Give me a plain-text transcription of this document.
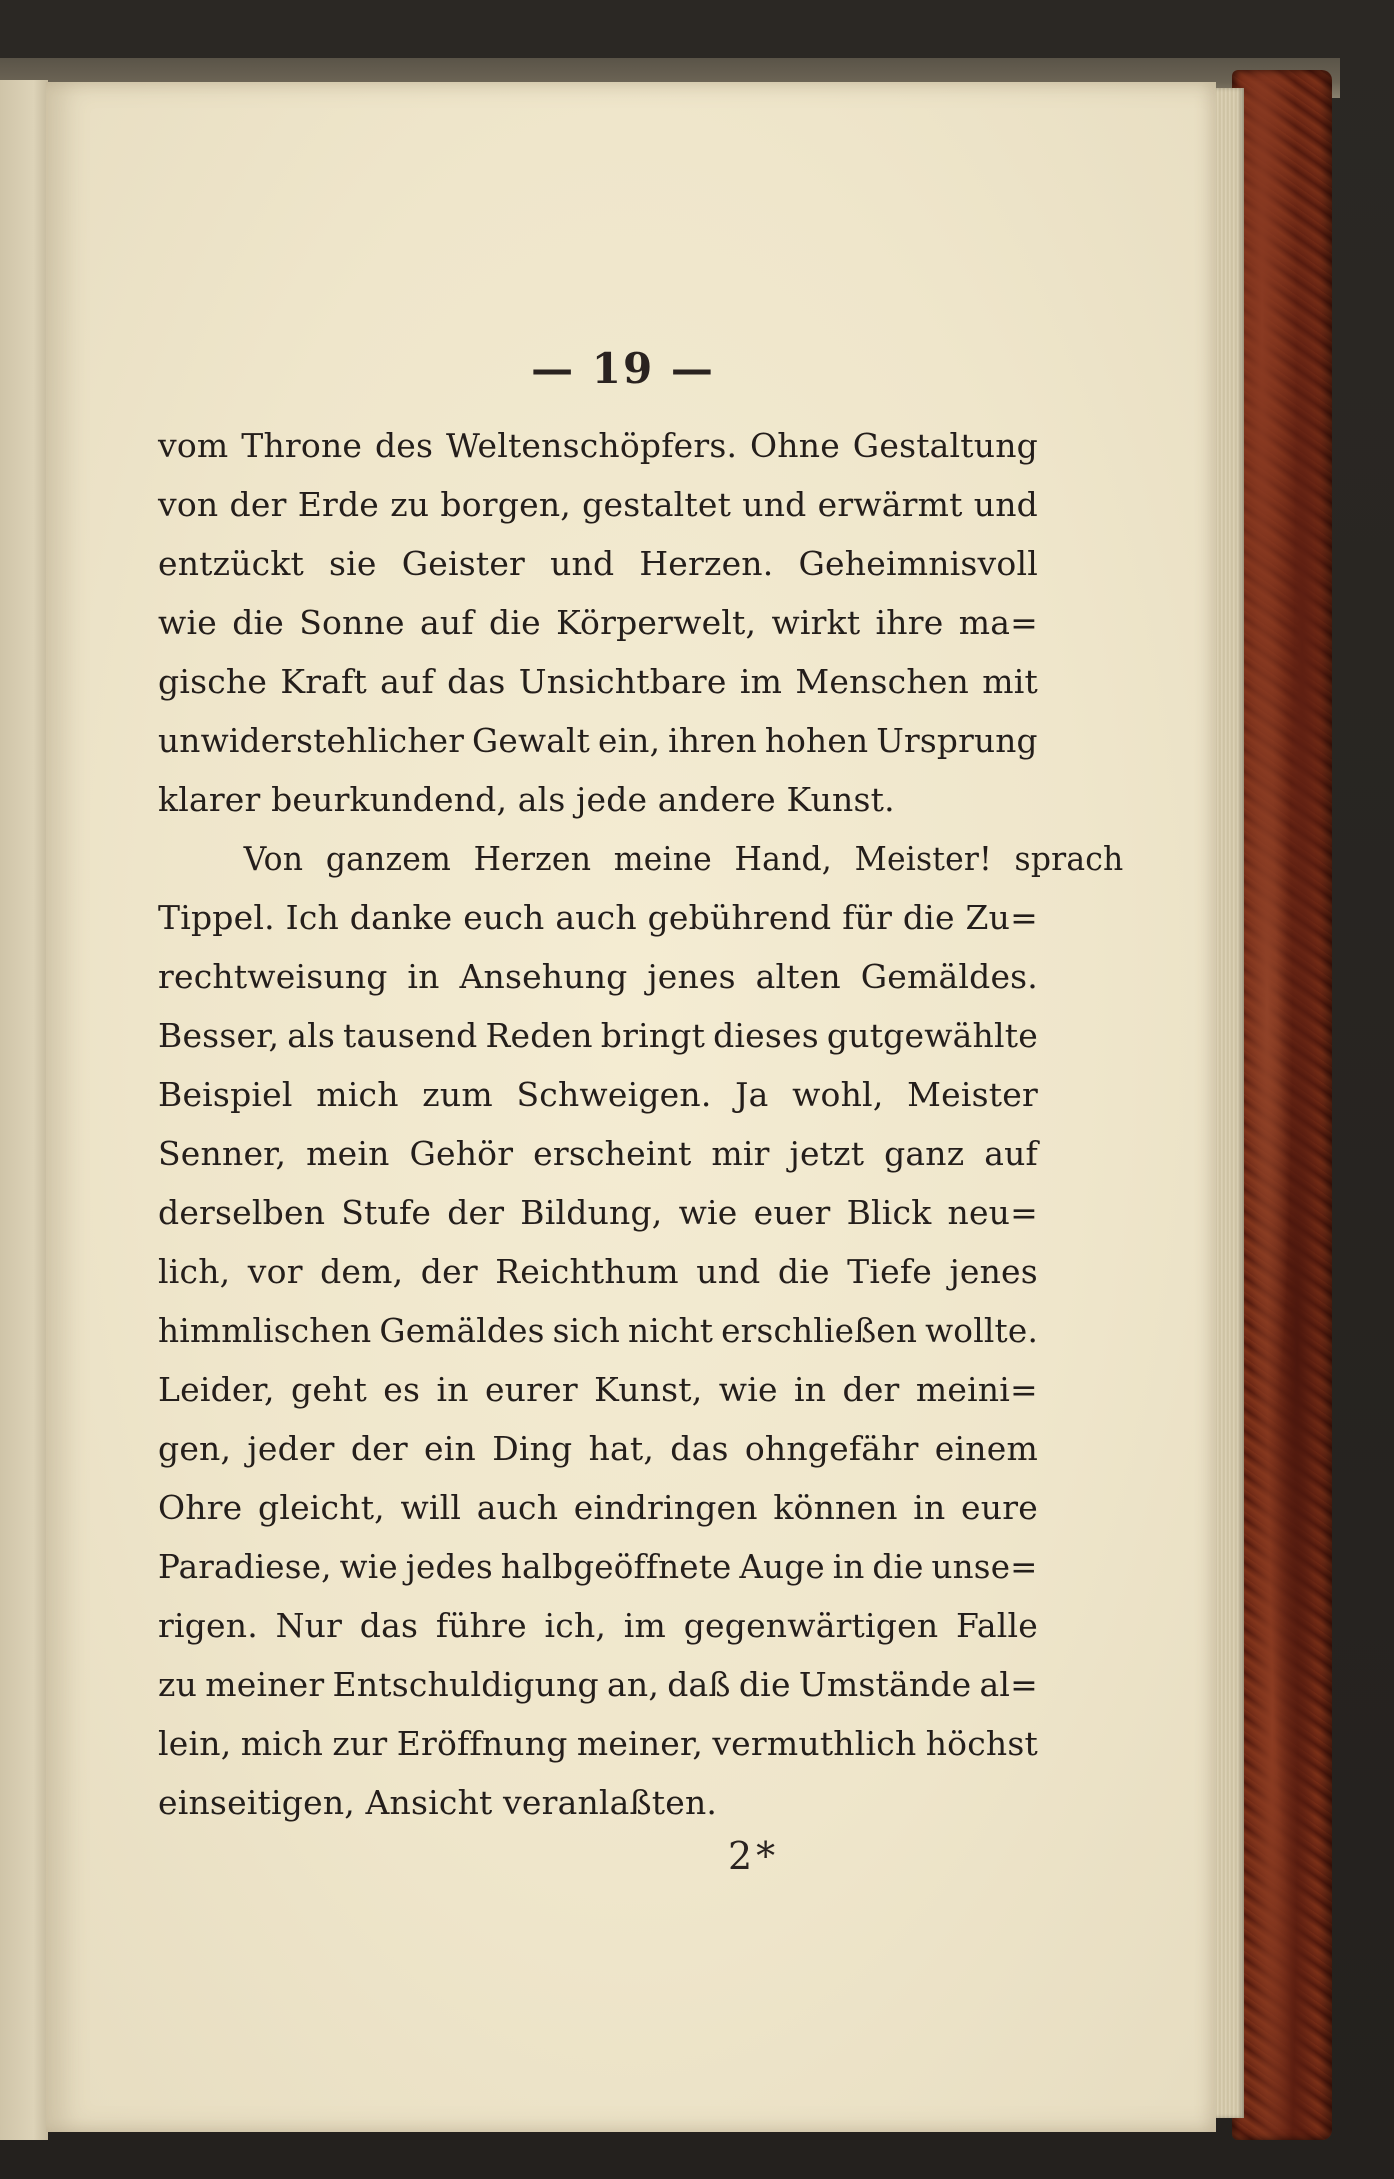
— 19 —
vom Throne des Weltenschöpfers. Ohne Gestaltung
von der Erde zu borgen, gestaltet und erwärmt und
entzückt sie Geister und Herzen. Geheimnisvoll
wie die Sonne auf die Körperwelt, wirkt ihre ma=
gische Kraft auf das Unsichtbare im Menschen mit
unwiderstehlicher Gewalt ein, ihren hohen Ursprung
klarer beurkundend, als jede andere Kunst.
Von ganzem Herzen meine Hand, Meister! sprach
Tippel. Ich danke euch auch gebührend für die Zu=
rechtweisung in Ansehung jenes alten Gemäldes.
Besser, als tausend Reden bringt dieses gutgewählte
Beispiel mich zum Schweigen. Ja wohl, Meister
Senner, mein Gehör erscheint mir jetzt ganz auf
derselben Stufe der Bildung, wie euer Blick neu=
lich, vor dem, der Reichthum und die Tiefe jenes
himmlischen Gemäldes sich nicht erschließen wollte.
Leider, geht es in eurer Kunst, wie in der meini=
gen, jeder der ein Ding hat, das ohngefähr einem
Ohre gleicht, will auch eindringen können in eure
Paradiese, wie jedes halbgeöffnete Auge in die unse=
rigen. Nur das führe ich, im gegenwärtigen Falle
zu meiner Entschuldigung an, daß die Umstände al=
lein, mich zur Eröffnung meiner, vermuthlich höchst
einseitigen, Ansicht veranlaßten.
2*
